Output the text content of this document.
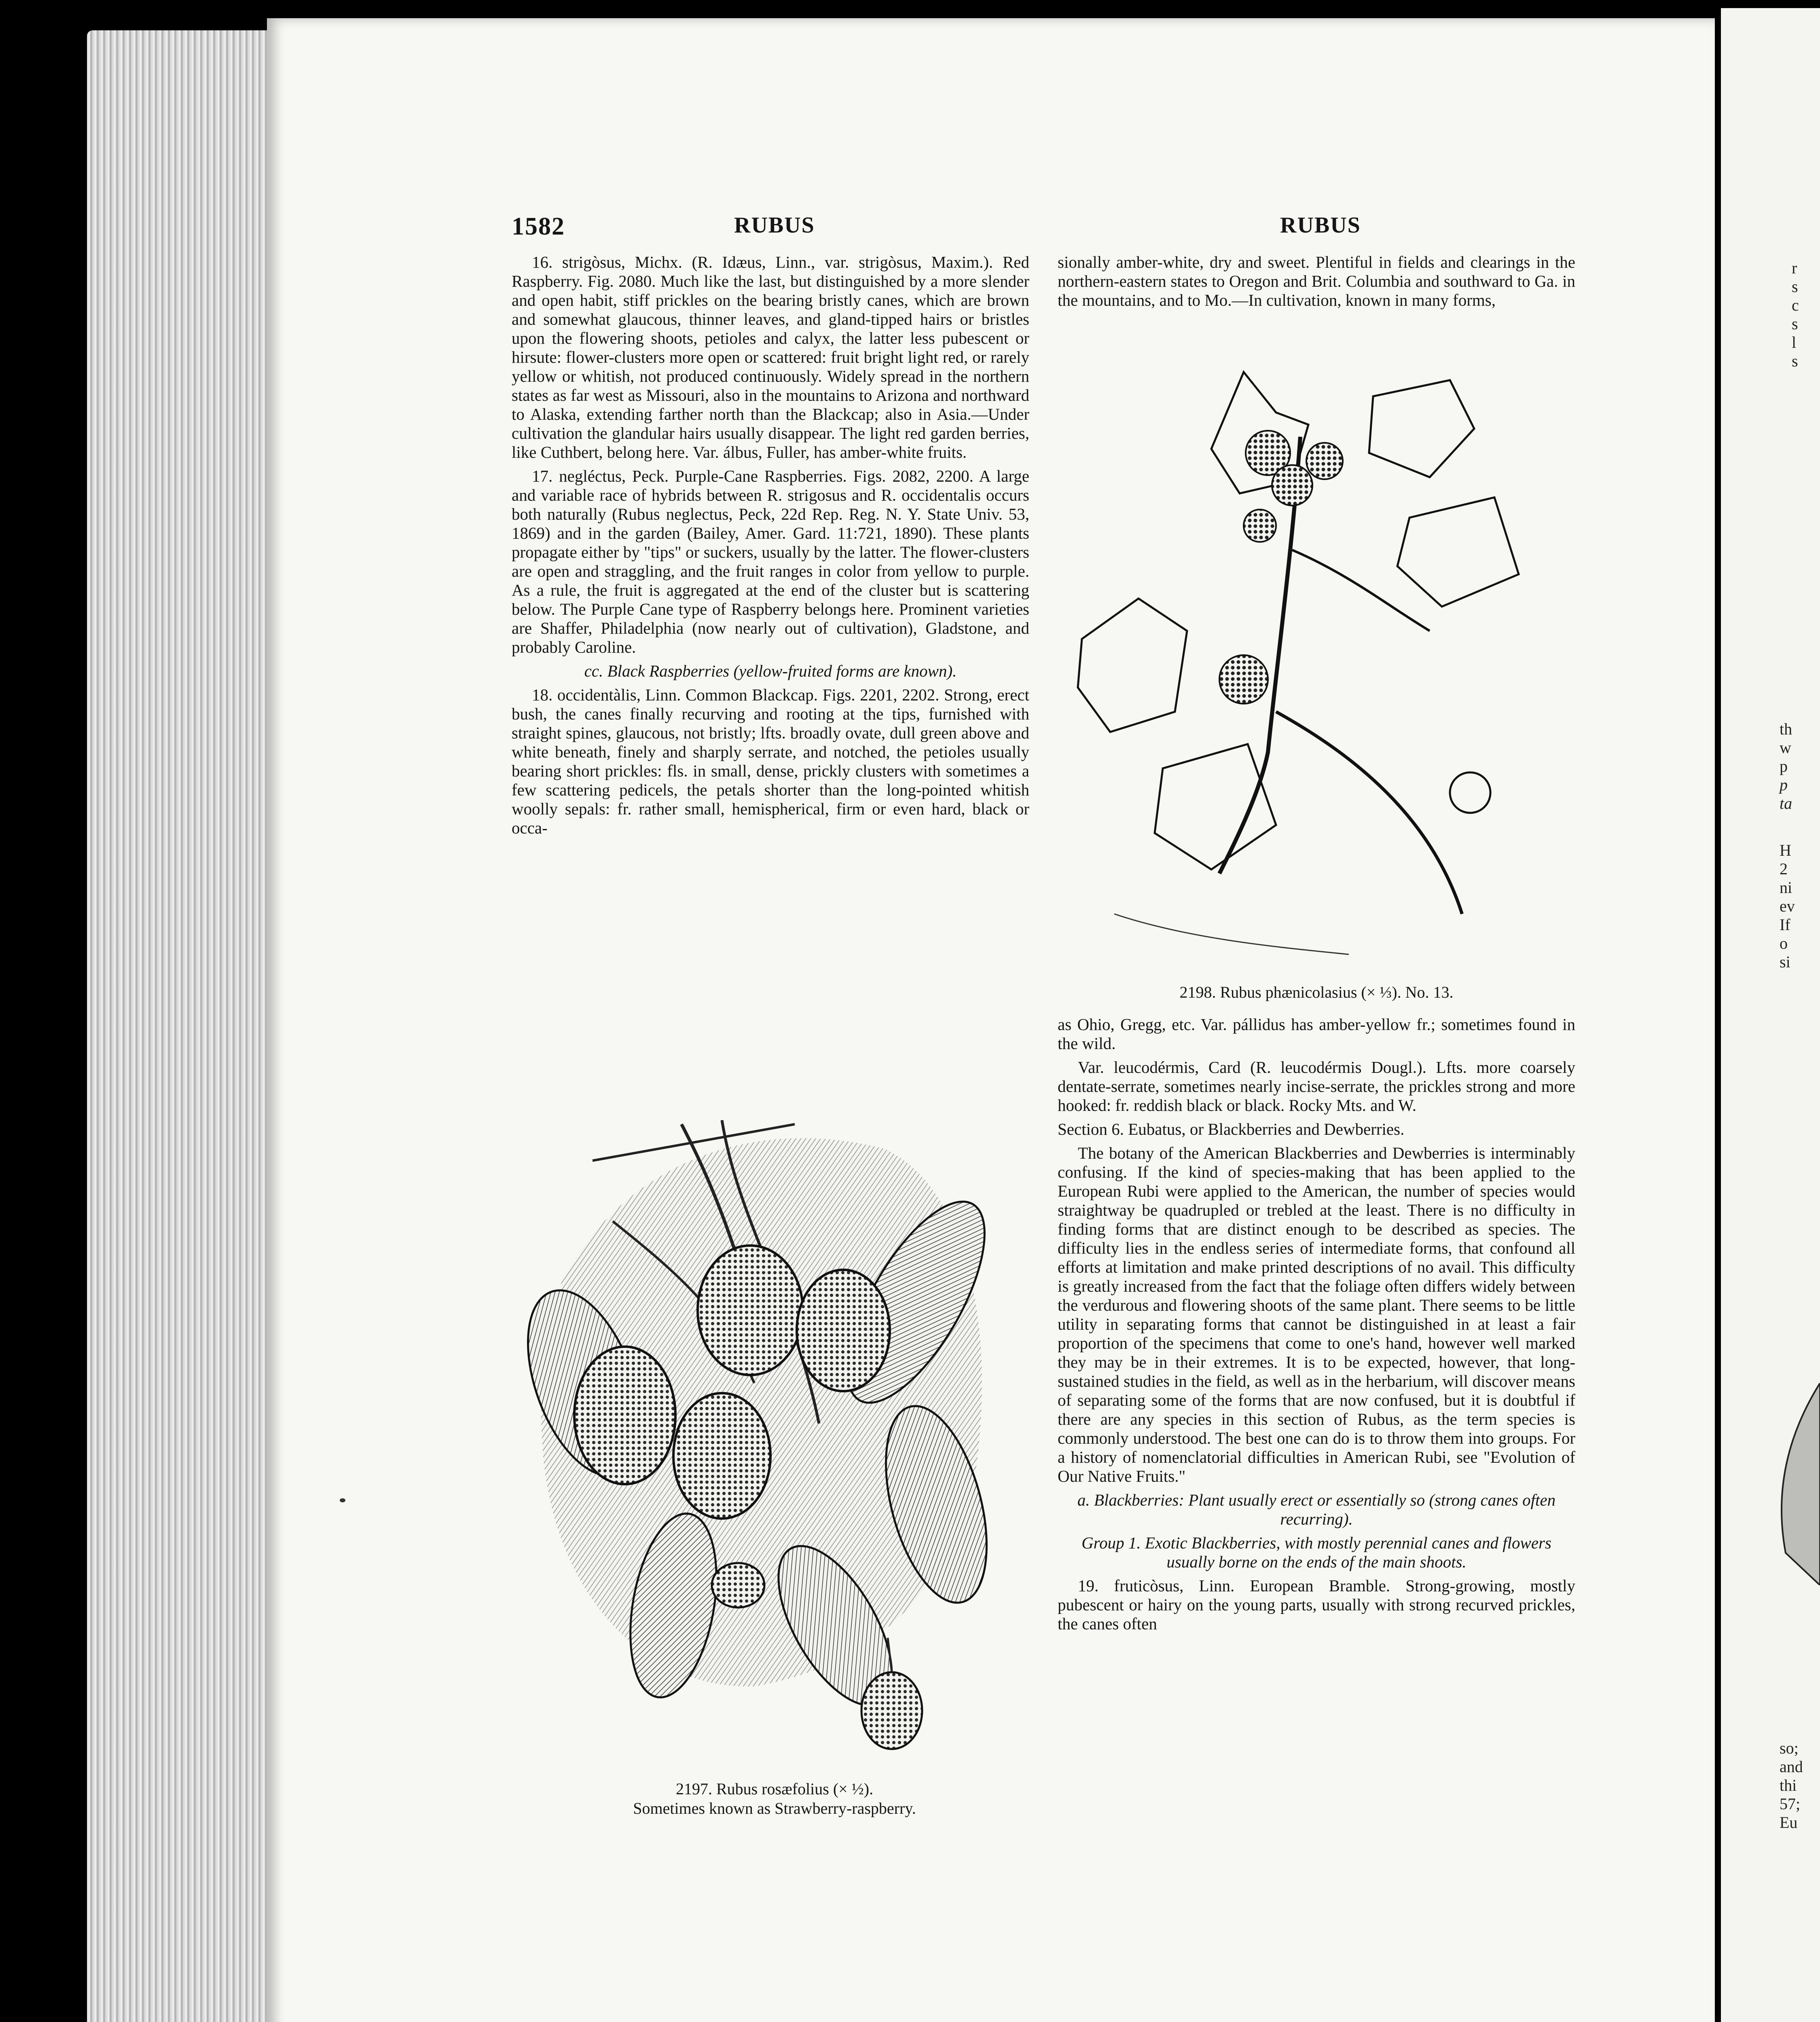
1582	RUBUS	RUBUS

16. strigòsus, Michx. (R. Idæus, Linn., var. strigòsus, Maxim.). Red Raspberry. Fig. 2080. Much like the last, but distinguished by a more slender and open habit, stiff prickles on the bearing bristly canes, which are brown and somewhat glaucous, thinner leaves, and gland-tipped hairs or bristles upon the flowering shoots, petioles and calyx, the latter less pubescent or hirsute: flower-clusters more open or scattered: fruit bright light red, or rarely yellow or whitish, not produced continuously. Widely spread in the northern states as far west as Missouri, also in the mountains to Arizona and northward to Alaska, extending farther north than the Blackcap; also in Asia.—Under cultivation the glandular hairs usually disappear. The light red garden berries, like Cuthbert, belong here. Var. álbus, Fuller, has amber-white fruits.

17. negléctus, Peck. Purple-Cane Raspberries. Figs. 2082, 2200. A large and variable race of hybrids between R. strigosus and R. occidentalis occurs both naturally (Rubus neglectus, Peck, 22d Rep. Reg. N. Y. State Univ. 53, 1869) and in the garden (Bailey, Amer. Gard. 11:721, 1890). These plants propagate either by "tips" or suckers, usually by the latter. The flower-clusters are open and straggling, and the fruit ranges in color from yellow to purple. As a rule, the fruit is aggregated at the end of the cluster but is scattering below. The Purple Cane type of Raspberry belongs here. Prominent varieties are Shaffer, Philadelphia (now nearly out of cultivation), Gladstone, and probably Caroline.

cc. Black Raspberries (yellow-fruited forms are known).

18. occidentàlis, Linn. Common Blackcap. Figs. 2201, 2202. Strong, erect bush, the canes finally recurving and rooting at the tips, furnished with straight spines, glaucous, not bristly; lfts. broadly ovate, dull green above and white beneath, finely and sharply serrate, and notched, the petioles usually bearing short prickles: fls. in small, dense, prickly clusters with sometimes a few scattering pedicels, the petals shorter than the long-pointed whitish woolly sepals: fr. rather small, hemispherical, firm or even hard, black or occa-

2197. Rubus rosæfolius (× ½).
Sometimes known as Strawberry-raspberry.

sionally amber-white, dry and sweet. Plentiful in fields and clearings in the northern-eastern states to Oregon and Brit. Columbia and southward to Ga. in the mountains, and to Mo.—In cultivation, known in many forms,

2198. Rubus phænicolasius (× ⅓). No. 13.

as Ohio, Gregg, etc. Var. pállidus has amber-yellow fr.; sometimes found in the wild.

Var. leucodérmis, Card (R. leucodérmis Dougl.). Lfts. more coarsely dentate-serrate, sometimes nearly incise-serrate, the prickles strong and more hooked: fr. reddish black or black. Rocky Mts. and W.

Section 6. Eubatus, or Blackberries and Dewberries.

The botany of the American Blackberries and Dewberries is interminably confusing. If the kind of species-making that has been applied to the European Rubi were applied to the American, the number of species would straightway be quadrupled or trebled at the least. There is no difficulty in finding forms that are distinct enough to be described as species. The difficulty lies in the endless series of intermediate forms, that confound all efforts at limitation and make printed descriptions of no avail. This difficulty is greatly increased from the fact that the foliage often differs widely between the verdurous and flowering shoots of the same plant. There seems to be little utility in separating forms that cannot be distinguished in at least a fair proportion of the specimens that come to one's hand, however well marked they may be in their extremes. It is to be expected, however, that long-sustained studies in the field, as well as in the herbarium, will discover means of separating some of the forms that are now confused, but it is doubtful if there are any species in this section of Rubus, as the term species is commonly understood. The best one can do is to throw them into groups. For a history of nomenclatorial difficulties in American Rubi, see "Evolution of Our Native Fruits."

a. Blackberries: Plant usually erect or essentially so (strong canes often recurring).

Group 1. Exotic Blackberries, with mostly perennial canes and flowers usually borne on the ends of the main shoots.

19. fruticòsus, Linn. European Bramble. Strong-growing, mostly pubescent or hairy on the young parts, usually with strong recurved prickles, the canes often

r
s
c
s
l
s
th
w
p
p
ta
H
2
ni
ev
If
o
si
so;
and
thi
57;
Eu
